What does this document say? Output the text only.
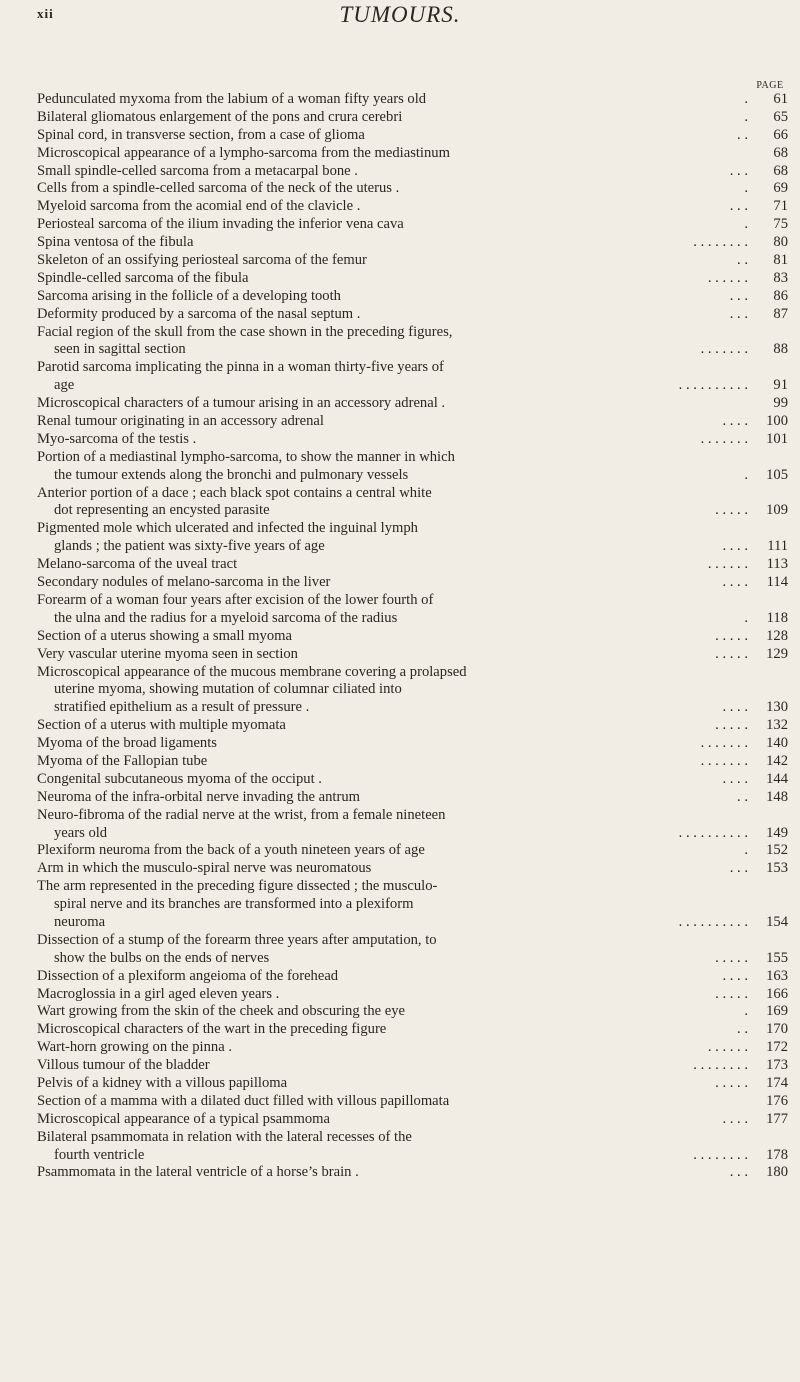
xii	TUMOURS.
PAGE
Pedunculated myxoma from the labium of a woman fifty years old	.	61
Bilateral gliomatous enlargement of the pons and crura cerebri	.	65
Spinal cord, in transverse section, from a case of glioma	. .	66
Microscopical appearance of a lympho-sarcoma from the mediastinum	68
Small spindle-celled sarcoma from a metacarpal bone .	. . .	68
Cells from a spindle-celled sarcoma of the neck of the uterus .	.	69
Myeloid sarcoma from the acomial end of the clavicle .	. . .	71
Periosteal sarcoma of the ilium invading the inferior vena cava	.	75
Spina ventosa of the fibula	. . . . . . . .	80
Skeleton of an ossifying periosteal sarcoma of the femur	. .	81
Spindle-celled sarcoma of the fibula	. . . . . .	83
Sarcoma arising in the follicle of a developing tooth	. . .	86
Deformity produced by a sarcoma of the nasal septum .	. . .	87
Facial region of the skull from the case shown in the preceding figures,
seen in sagittal section	. . . . . . .	88
Parotid sarcoma implicating the pinna in a woman thirty-five years of
age	. . . . . . . . . .	91
Microscopical characters of a tumour arising in an accessory adrenal .	99
Renal tumour originating in an accessory adrenal	. . . .	100
Myo-sarcoma of the testis .	. . . . . . .	101
Portion of a mediastinal lympho-sarcoma, to show the manner in which
the tumour extends along the bronchi and pulmonary vessels	.	105
Anterior portion of a dace ; each black spot contains a central white
dot representing an encysted parasite	. . . . .	109
Pigmented mole which ulcerated and infected the inguinal lymph
glands ; the patient was sixty-five years of age	. . . .	111
Melano-sarcoma of the uveal tract	. . . . . .	113
Secondary nodules of melano-sarcoma in the liver	. . . .	114
Forearm of a woman four years after excision of the lower fourth of
the ulna and the radius for a myeloid sarcoma of the radius	.	118
Section of a uterus showing a small myoma	. . . . .	128
Very vascular uterine myoma seen in section	. . . . .	129
Microscopical appearance of the mucous membrane covering a prolapsed
uterine myoma, showing mutation of columnar ciliated into
stratified epithelium as a result of pressure .	. . . .	130
Section of a uterus with multiple myomata	. . . . .	132
Myoma of the broad ligaments	. . . . . . .	140
Myoma of the Fallopian tube	. . . . . . .	142
Congenital subcutaneous myoma of the occiput .	. . . .	144
Neuroma of the infra-orbital nerve invading the antrum	. .	148
Neuro-fibroma of the radial nerve at the wrist, from a female nineteen
years old	. . . . . . . . . .	149
Plexiform neuroma from the back of a youth nineteen years of age	.	152
Arm in which the musculo-spiral nerve was neuromatous	. . .	153
The arm represented in the preceding figure dissected ; the musculo-
spiral nerve and its branches are transformed into a plexiform
neuroma	. . . . . . . . . .	154
Dissection of a stump of the forearm three years after amputation, to
show the bulbs on the ends of nerves	. . . . .	155
Dissection of a plexiform angeioma of the forehead	. . . .	163
Macroglossia in a girl aged eleven years .	. . . . .	166
Wart growing from the skin of the cheek and obscuring the eye	.	169
Microscopical characters of the wart in the preceding figure	. .	170
Wart-horn growing on the pinna .	. . . . . .	172
Villous tumour of the bladder	. . . . . . . .	173
Pelvis of a kidney with a villous papilloma	. . . . .	174
Section of a mamma with a dilated duct filled with villous papillomata	176
Microscopical appearance of a typical psammoma	. . . .	177
Bilateral psammomata in relation with the lateral recesses of the
fourth ventricle	. . . . . . . .	178
Psammomata in the lateral ventricle of a horse’s brain .	. . .	180
